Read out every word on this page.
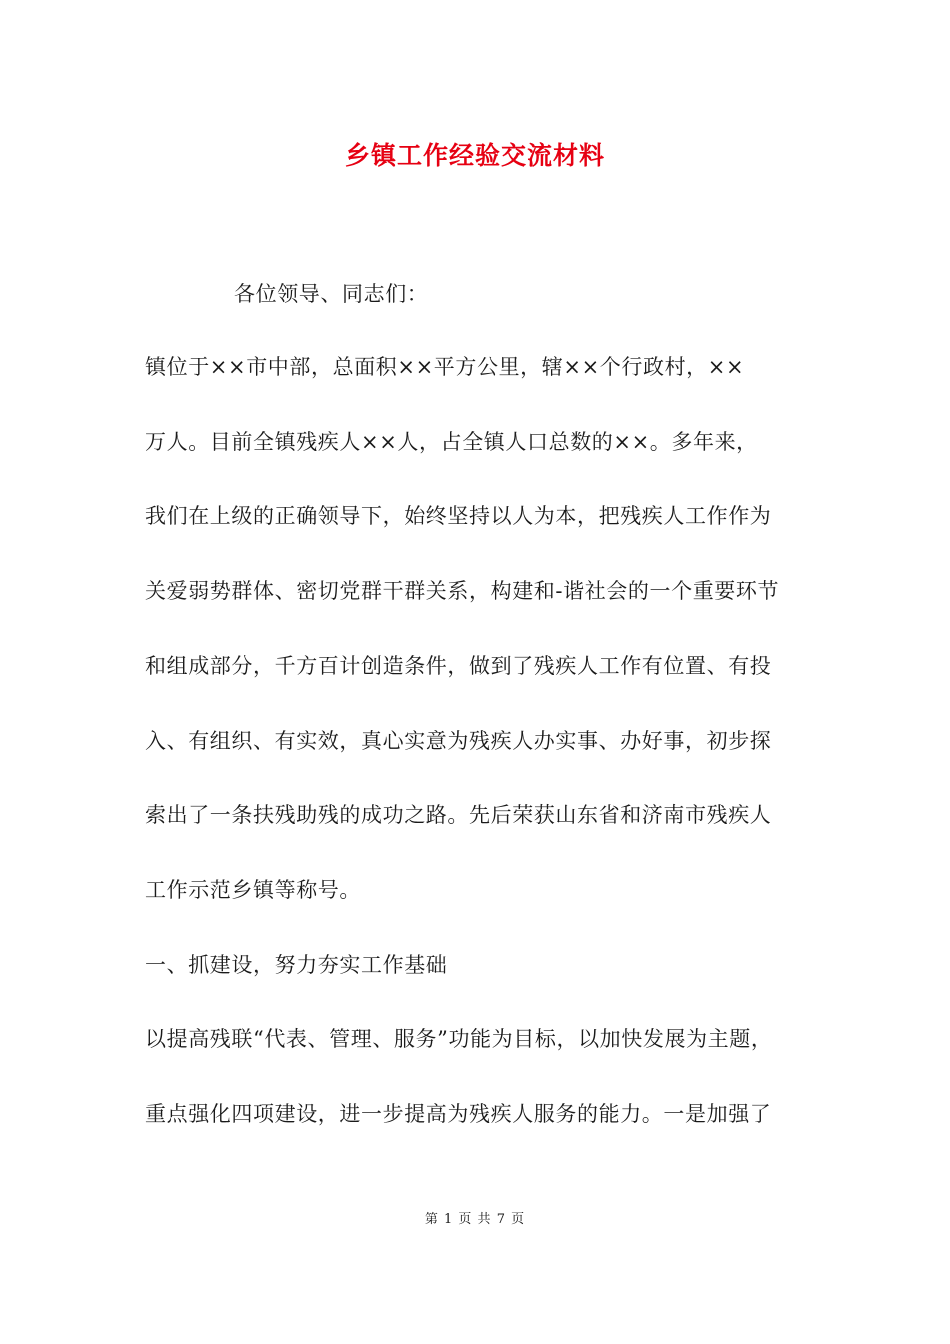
乡镇工作经验交流材料
各位领导、同志们：
镇位于××市中部，总面积××平方公里，辖××个行政村，××
万人。目前全镇残疾人××人，占全镇人口总数的××。多年来，
我们在上级的正确领导下，始终坚持以人为本，把残疾人工作作为
关爱弱势群体、密切党群干群关系，构建和-谐社会的一个重要环节
和组成部分，千方百计创造条件，做到了残疾人工作有位置、有投
入、有组织、有实效，真心实意为残疾人办实事、办好事，初步探
索出了一条扶残助残的成功之路。先后荣获山东省和济南市残疾人
工作示范乡镇等称号。
一、抓建设，努力夯实工作基础
以提高残联“代表、管理、服务”功能为目标，以加快发展为主题，
重点强化四项建设，进一步提高为残疾人服务的能力。一是加强了
第 1 页 共 7 页
